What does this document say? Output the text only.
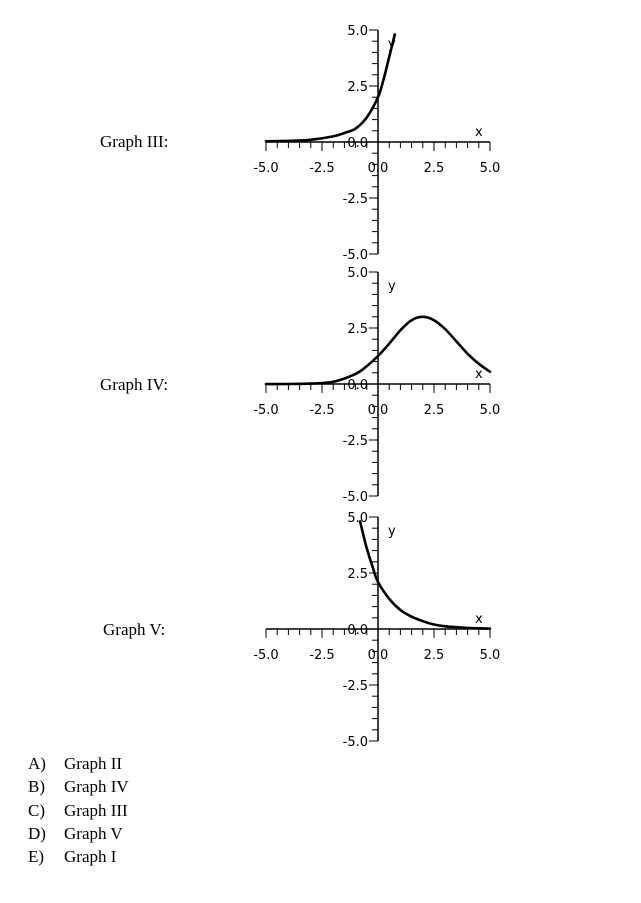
Graph III:
-5.0 -2.5	0.0	2.5	5.0
5.0
2.5
0.0
-2.5
-5.0
y
x
Graph IV:
-5.0 -2.5	0.0	2.5	5.0
5.0
2.5
0.0
-2.5
-5.0
y
x
Graph V:
-5.0 -2.5	0.0	2.5	5.0
5.0
2.5
0.0
-2.5
-5.0
y
x
A) Graph II
B) Graph IV
C) Graph III
D) Graph V
E) Graph I
